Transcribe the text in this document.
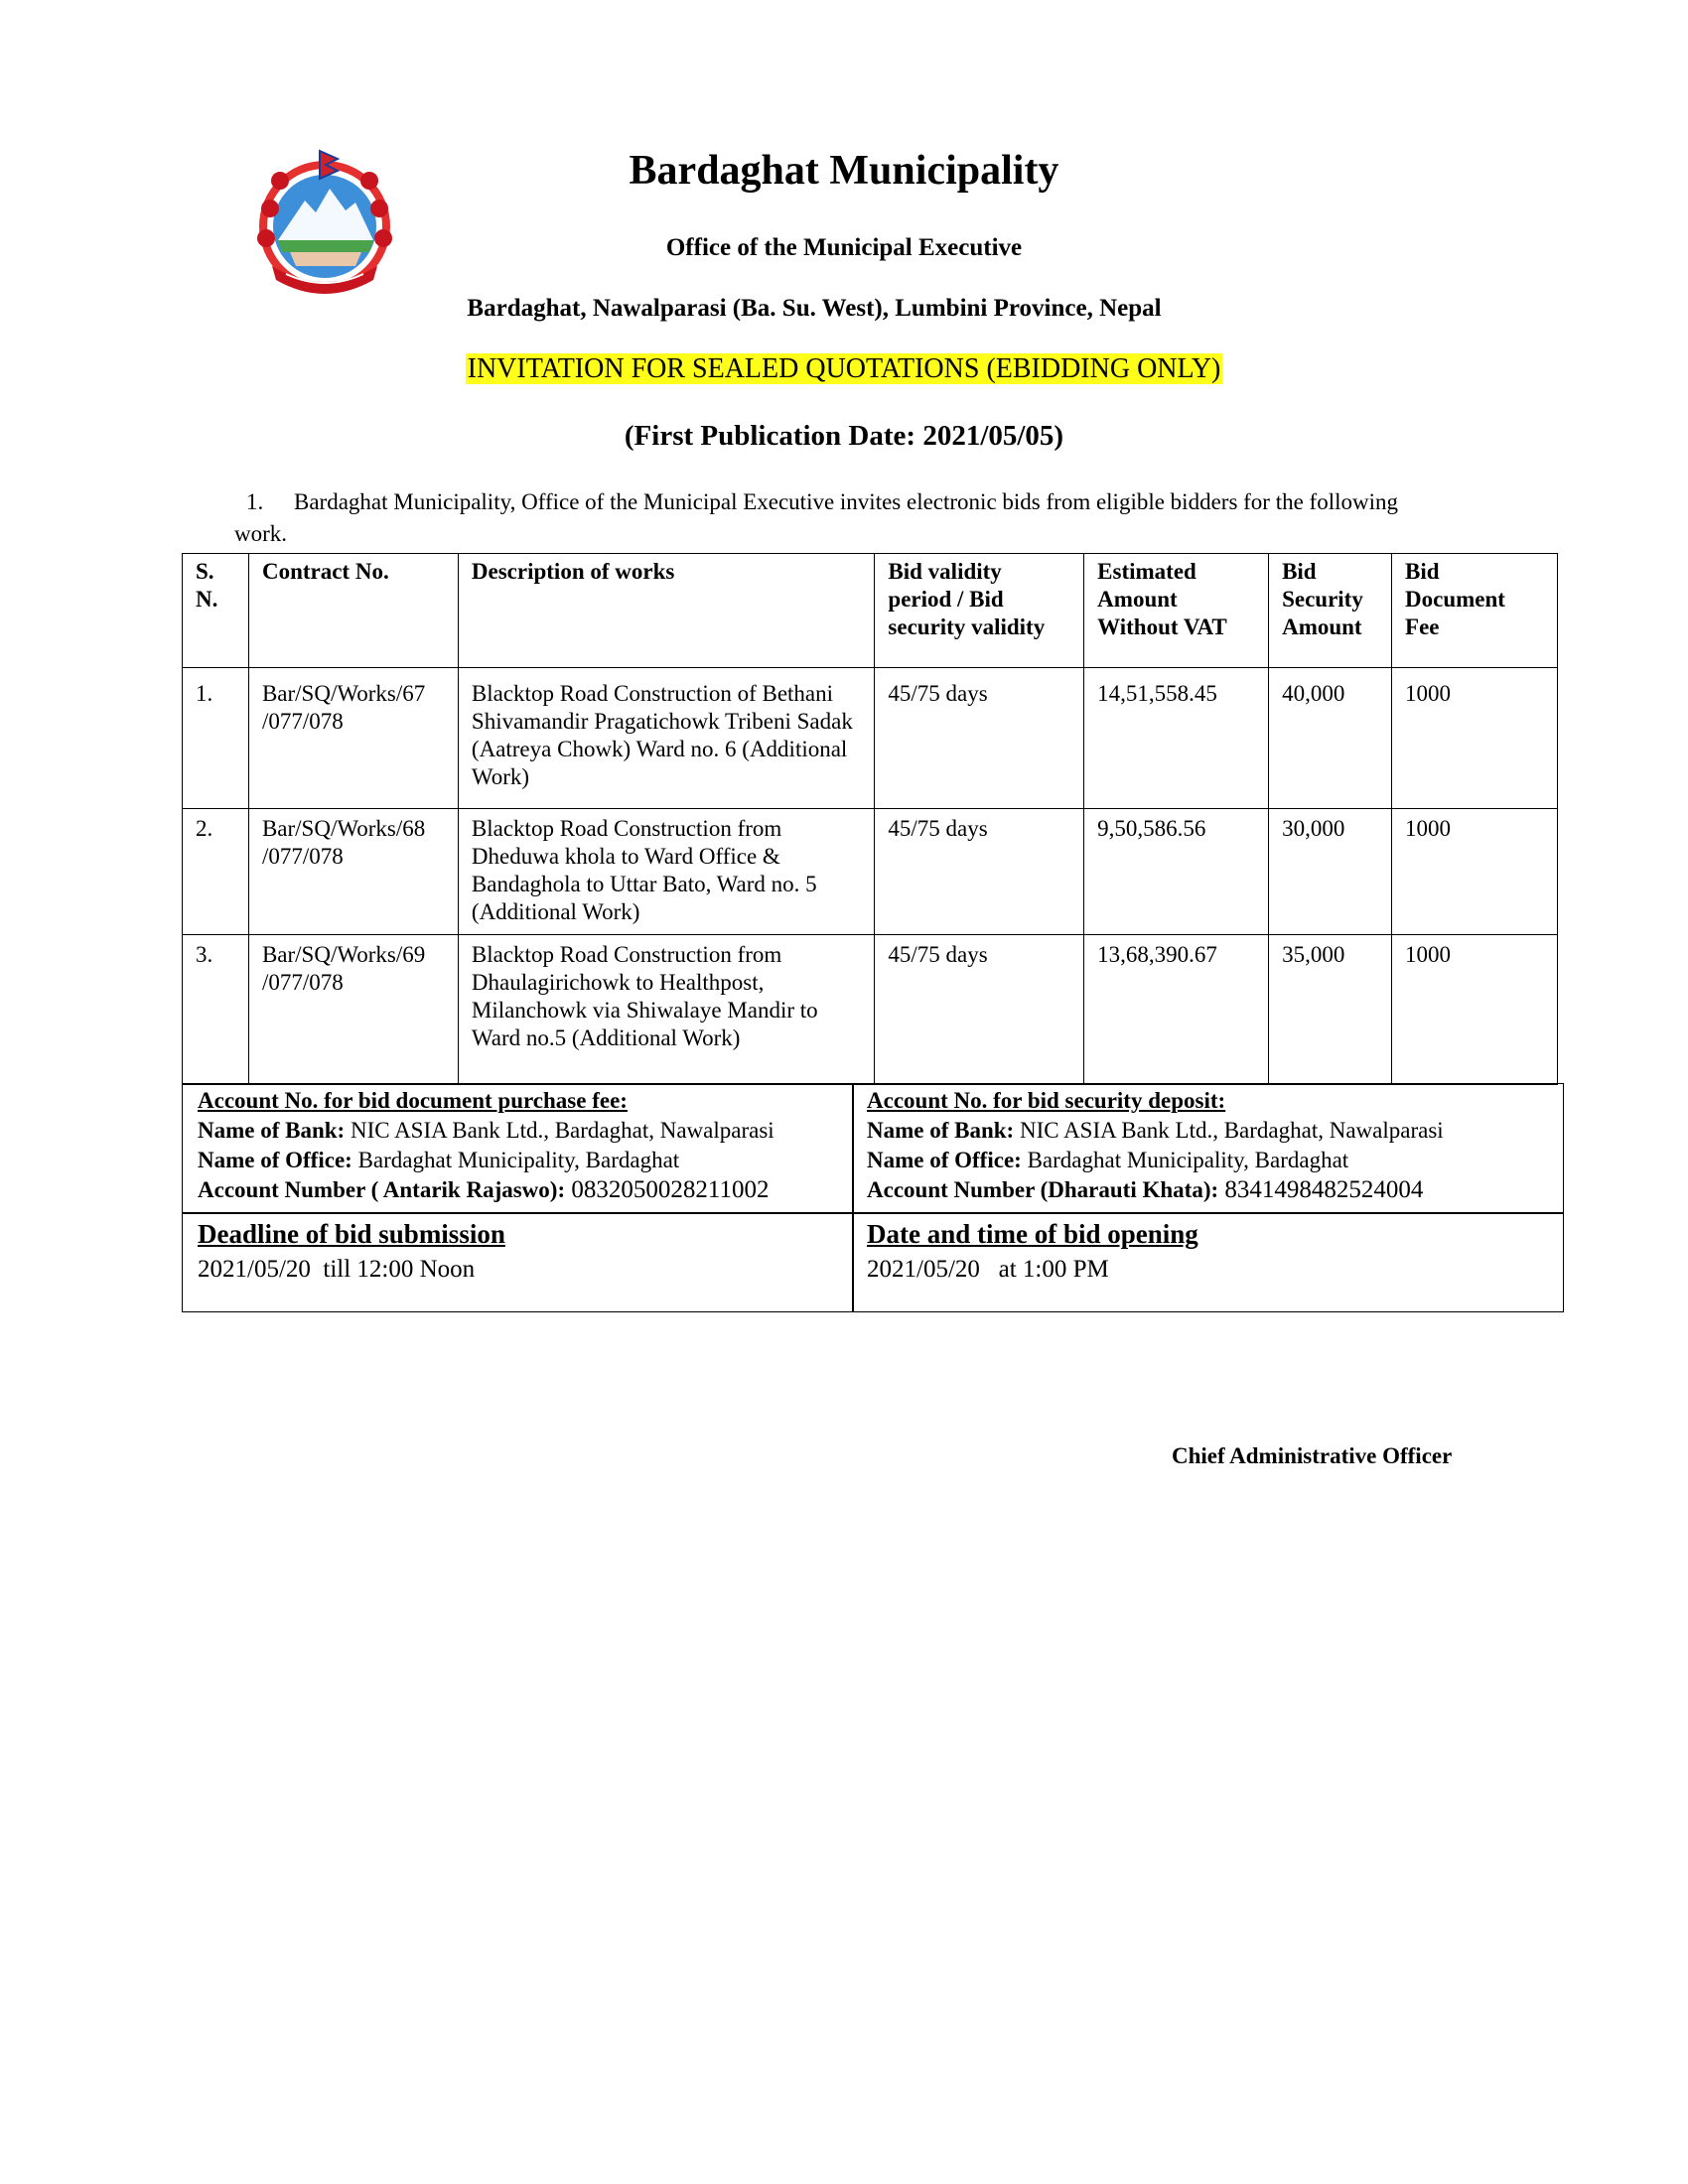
Bardaghat Municipality
Office of the Municipal Executive
Bardaghat, Nawalparasi (Ba. Su. West), Lumbini Province, Nepal
INVITATION FOR SEALED QUOTATIONS (EBIDDING ONLY)
(First Publication Date: 2021/05/05)
1. Bardaghat Municipality, Office of the Municipal Executive invites electronic bids from eligible bidders for the following work.
S. N.	Contract No.	Description of works	Bid validity period / Bid security validity	Estimated Amount Without VAT	Bid Security Amount	Bid Document Fee
1.	Bar/SQ/Works/67 /077/078	Blacktop Road Construction of Bethani Shivamandir Pragatichowk Tribeni Sadak (Aatreya Chowk) Ward no. 6 (Additional Work)	45/75 days	14,51,558.45	40,000	1000
2.	Bar/SQ/Works/68 /077/078	Blacktop Road Construction from Dheduwa khola to Ward Office & Bandaghola to Uttar Bato, Ward no. 5 (Additional Work)	45/75 days	9,50,586.56	30,000	1000
3.	Bar/SQ/Works/69 /077/078	Blacktop Road Construction from Dhaulagirichowk to Healthpost, Milanchowk via Shiwalaye Mandir to Ward no.5 (Additional Work)	45/75 days	13,68,390.67	35,000	1000
Account No. for bid document purchase fee:
Name of Bank: NIC ASIA Bank Ltd., Bardaghat, Nawalparasi
Name of Office: Bardaghat Municipality, Bardaghat
Account Number ( Antarik Rajaswo): 0832050028211002
Account No. for bid security deposit:
Name of Bank: NIC ASIA Bank Ltd., Bardaghat, Nawalparasi
Name of Office: Bardaghat Municipality, Bardaghat
Account Number (Dharauti Khata): 8341498482524004
Deadline of bid submission
2021/05/20  till 12:00 Noon
Date and time of bid opening
2021/05/20   at 1:00 PM
Chief Administrative Officer
